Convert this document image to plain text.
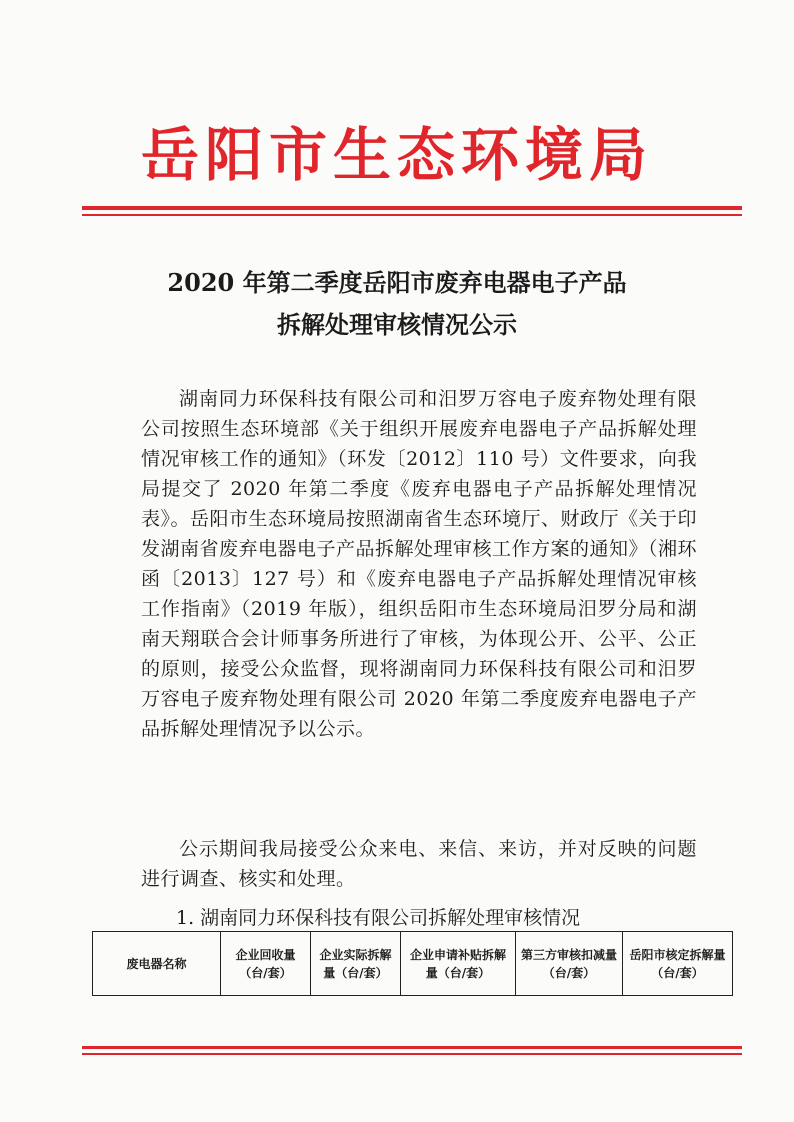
岳阳市生态环境局
2020 年第二季度岳阳市废弃电器电子产品
拆解处理审核情况公示

湖南同力环保科技有限公司和汨罗万容电子废弃物处理有限公司按照生态环境部《关于组织开展废弃电器电子产品拆解处理情况审核工作的通知》（环发〔2012〕110 号）文件要求，向我局提交了 2020 年第二季度《废弃电器电子产品拆解处理情况表》。岳阳市生态环境局按照湖南省生态环境厅、财政厅《关于印发湖南省废弃电器电子产品拆解处理审核工作方案的通知》（湘环函〔2013〕127 号）和《废弃电器电子产品拆解处理情况审核工作指南》（2019 年版），组织岳阳市生态环境局汨罗分局和湖南天翔联合会计师事务所进行了审核，为体现公开、公平、公正的原则，接受公众监督，现将湖南同力环保科技有限公司和汨罗万容电子废弃物处理有限公司 2020 年第二季度废弃电器电子产品拆解处理情况予以公示。

公示期间我局接受公众来电、来信、来访，并对反映的问题进行调查、核实和处理。

1. 湖南同力环保科技有限公司拆解处理审核情况
废电器名称	企业回收量（台/套）	企业实际拆解量（台/套）	企业申请补贴拆解量（台/套）	第三方审核扣减量（台/套）	岳阳市核定拆解量（台/套）
